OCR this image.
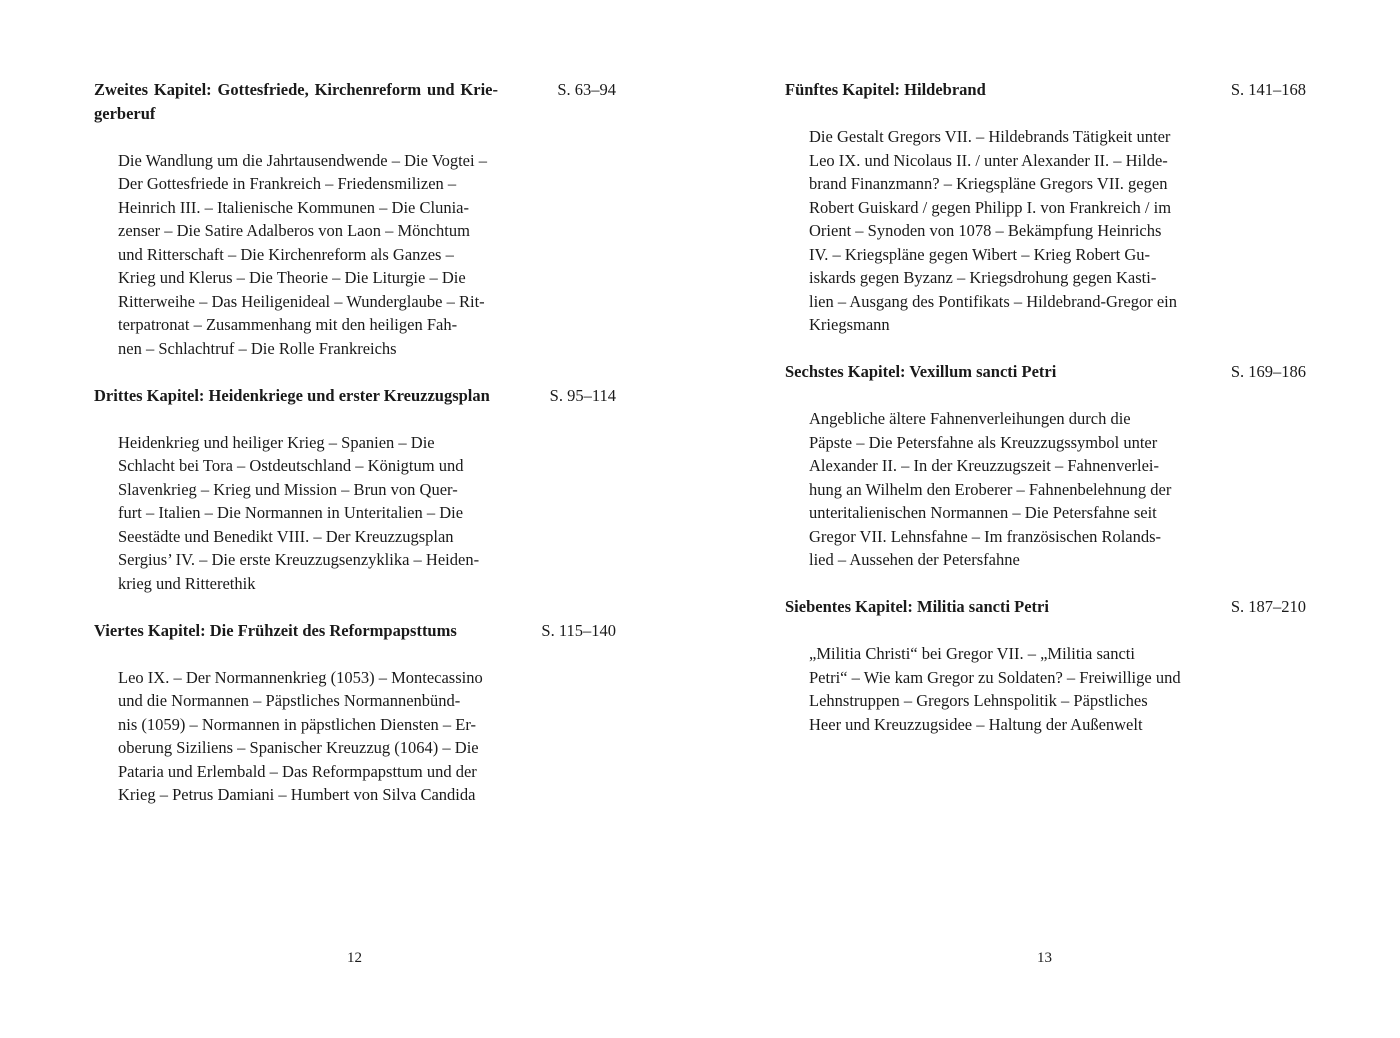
Zweites Kapitel: Gottesfriede, Kirchenreform und Krie-
gerberuf
S. 63–94
Die Wandlung um die Jahrtausendwende – Die Vogtei –
Der Gottesfriede in Frankreich – Friedensmilizen –
Heinrich III. – Italienische Kommunen – Die Clunia-
zenser – Die Satire Adalberos von Laon – Mönchtum
und Ritterschaft – Die Kirchenreform als Ganzes –
Krieg und Klerus – Die Theorie – Die Liturgie – Die
Ritterweihe – Das Heiligenideal – Wunderglaube – Rit-
terpatronat – Zusammenhang mit den heiligen Fah-
nen – Schlachtruf – Die Rolle Frankreichs
Drittes Kapitel: Heidenkriege und erster Kreuzzugsplan	S. 95–114
Heidenkrieg und heiliger Krieg – Spanien – Die
Schlacht bei Tora – Ostdeutschland – Königtum und
Slavenkrieg – Krieg und Mission – Brun von Quer-
furt – Italien – Die Normannen in Unteritalien – Die
Seestädte und Benedikt VIII. – Der Kreuzzugsplan
Sergius’ IV. – Die erste Kreuzzugsenzyklika – Heiden-
krieg und Ritterethik
Viertes Kapitel: Die Frühzeit des Reformpapsttums	S. 115–140
Leo IX. – Der Normannenkrieg (1053) – Montecassino
und die Normannen – Päpstliches Normannenbünd-
nis (1059) – Normannen in päpstlichen Diensten – Er-
oberung Siziliens – Spanischer Kreuzzug (1064) – Die
Pataria und Erlembald – Das Reformpapsttum und der
Krieg – Petrus Damiani – Humbert von Silva Candida
Fünftes Kapitel: Hildebrand	S. 141–168
Die Gestalt Gregors VII. – Hildebrands Tätigkeit unter
Leo IX. und Nicolaus II. / unter Alexander II. – Hilde-
brand Finanzmann? – Kriegspläne Gregors VII. gegen
Robert Guiskard / gegen Philipp I. von Frankreich / im
Orient – Synoden von 1078 – Bekämpfung Heinrichs
IV. – Kriegspläne gegen Wibert – Krieg Robert Gu-
iskards gegen Byzanz – Kriegsdrohung gegen Kasti-
lien – Ausgang des Pontifikats – Hildebrand-Gregor ein
Kriegsmann
Sechstes Kapitel: Vexillum sancti Petri	S. 169–186
Angebliche ältere Fahnenverleihungen durch die
Päpste – Die Petersfahne als Kreuzzugssymbol unter
Alexander II. – In der Kreuzzugszeit – Fahnenverlei-
hung an Wilhelm den Eroberer – Fahnenbelehnung der
unteritalienischen Normannen – Die Petersfahne seit
Gregor VII. Lehnsfahne – Im französischen Rolands-
lied – Aussehen der Petersfahne
Siebentes Kapitel: Militia sancti Petri	S. 187–210
„Militia Christi“ bei Gregor VII. – „Militia sancti
Petri“ – Wie kam Gregor zu Soldaten? – Freiwillige und
Lehnstruppen – Gregors Lehnspolitik – Päpstliches
Heer und Kreuzzugsidee – Haltung der Außenwelt
12	13
